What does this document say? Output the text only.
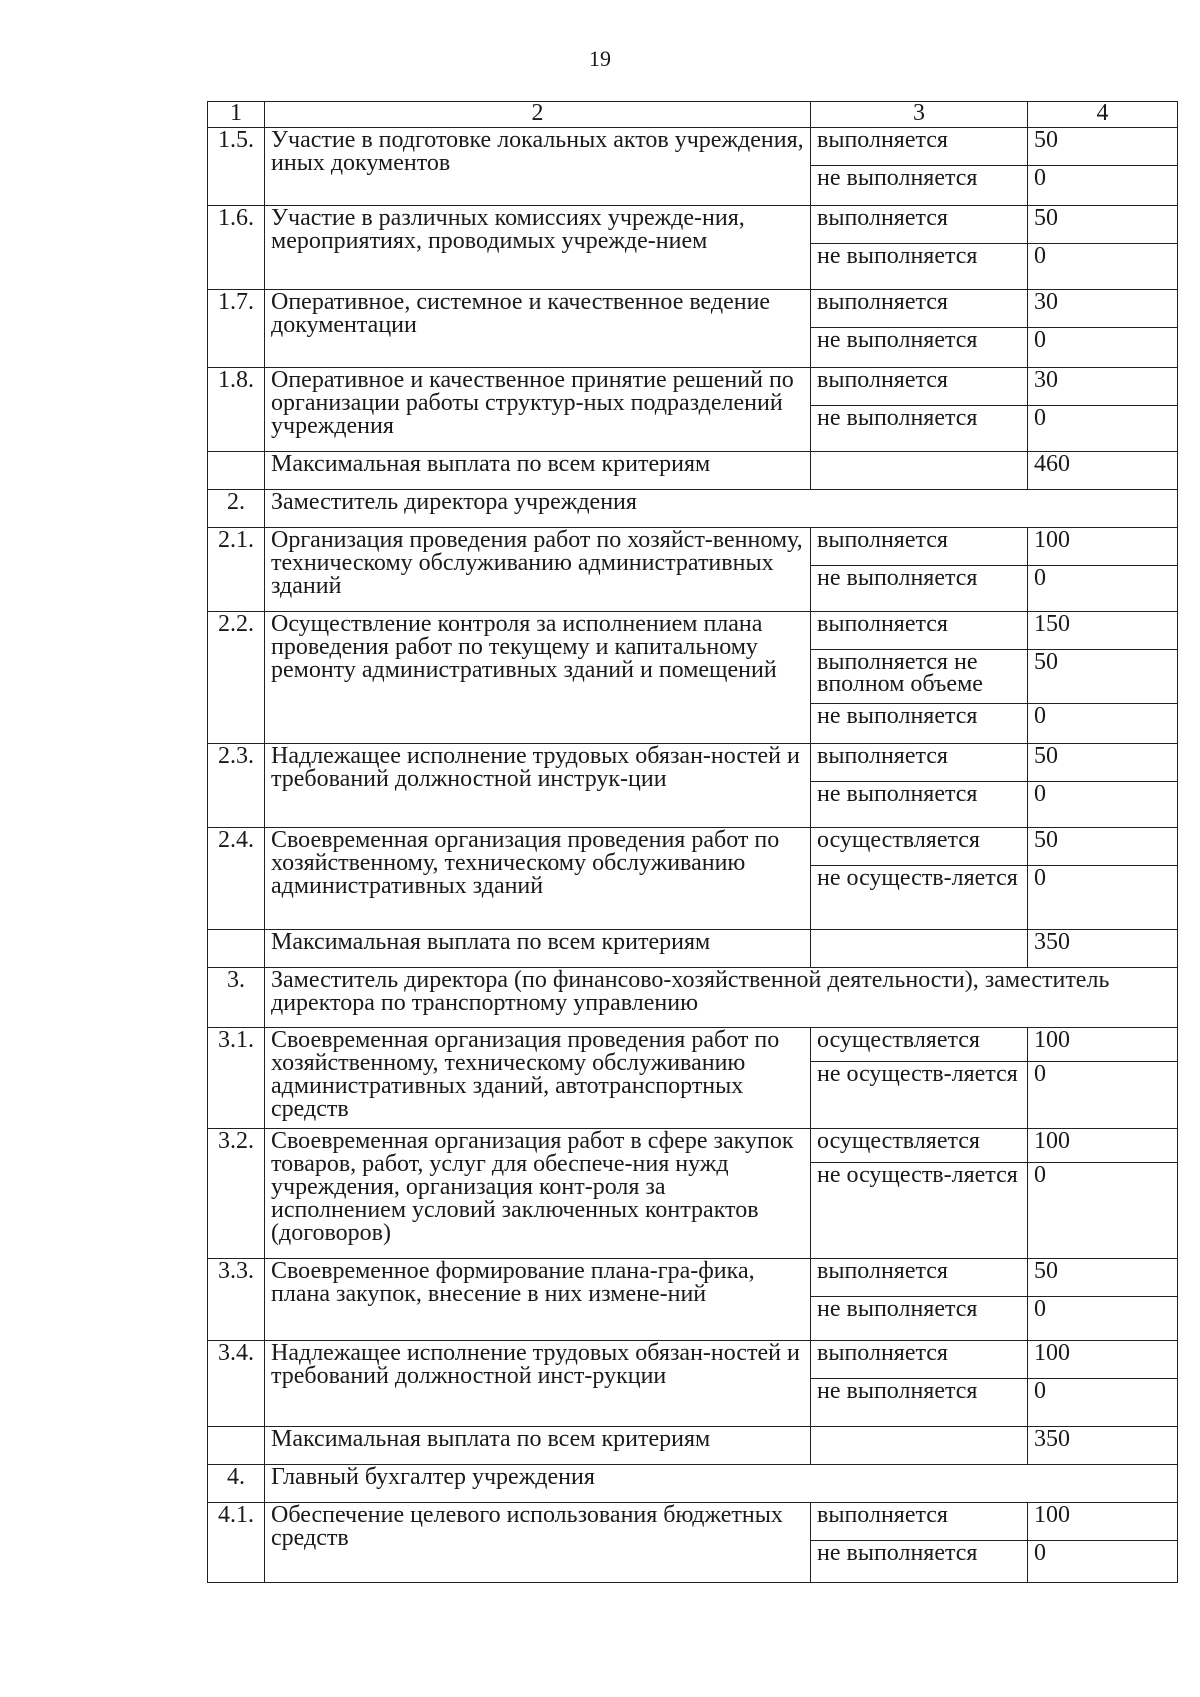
19
1	2	3	4
1.5.	Участие в подготовке локальных актов учреждения, иных документов	выполняется	50
		не выполняется	0
1.6.	Участие в различных комиссиях учрежде-ния, мероприятиях, проводимых учрежде-нием	выполняется	50
		не выполняется	0
1.7.	Оперативное, системное и качественное ведение документации	выполняется	30
		не выполняется	0
1.8.	Оперативное и качественное принятие решений по организации работы структур-ных подразделений учреждения	выполняется	30
		не выполняется	0
	Максимальная выплата по всем критериям		460
2.	Заместитель директора учреждения		
2.1.	Организация проведения работ по хозяйст-венному, техническому обслуживанию административных зданий	выполняется	100
		не выполняется	0
2.2.	Осуществление контроля за исполнением плана проведения работ по текущему и капитальному ремонту административных зданий и помещений	выполняется	150
		выполняется не вполном объеме	50
		не выполняется	0
2.3.	Надлежащее исполнение трудовых обязан-ностей и требований должностной инструк-ции	выполняется	50
		не выполняется	0
2.4.	Своевременная организация проведения работ по хозяйственному, техническому обслуживанию административных зданий	осуществляется	50
		не осуществ-ляется	0
	Максимальная выплата по всем критериям		350
3.	Заместитель директора (по финансово-хозяйственной деятельности), заместитель директора по транспортному управлению		
3.1.	Своевременная организация проведения работ по хозяйственному, техническому обслуживанию административных зданий, автотранспортных средств	осуществляется	100
		не осуществ-ляется	0
3.2.	Своевременная организация работ в сфере закупок товаров, работ, услуг для обеспече-ния нужд учреждения, организация конт-роля за исполнением условий заключенных контрактов (договоров)	осуществляется	100
		не осуществ-ляется	0
3.3.	Своевременное формирование плана-гра-фика, плана закупок, внесение в них измене-ний	выполняется	50
		не выполняется	0
3.4.	Надлежащее исполнение трудовых обязан-ностей и требований должностной инст-рукции	выполняется	100
		не выполняется	0
	Максимальная выплата по всем критериям		350
4.	Главный бухгалтер учреждения		
4.1.	Обеспечение целевого использования бюджетных средств	выполняется	100
		не выполняется	0
